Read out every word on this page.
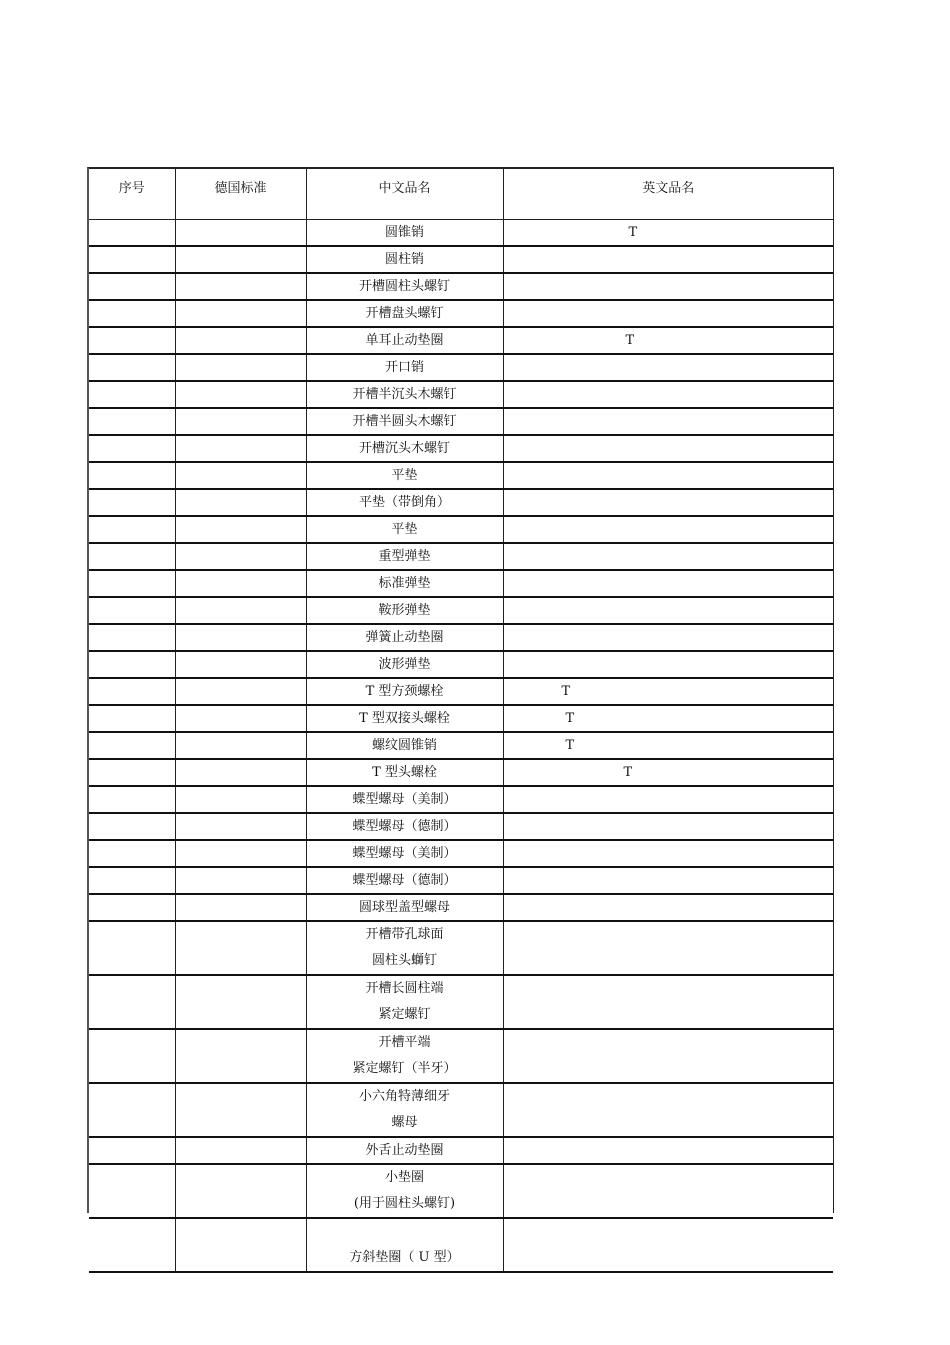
序号	德国标准	中文品名	英文品名

		圆锥销	T

		圆柱销	

		开槽圆柱头螺钉	

		开槽盘头螺钉	

		单耳止动垫圈	T

		开口销	

		开槽半沉头木螺钉	

		开槽半圆头木螺钉	

		开槽沉头木螺钉	

		平垫	

		平垫（带倒角）	

		平垫	

		重型弹垫	

		标准弹垫	

		鞍形弹垫	

		弹簧止动垫圈	

		波形弹垫	

		T 型方颈螺栓	T

		T 型双接头螺栓	T

		螺纹圆锥销	T

		T 型头螺栓	T

		蝶型螺母（美制）	

		蝶型螺母（德制）	

		蝶型螺母（美制）	

		蝶型螺母（德制）	

		圆球型盖型螺母	

		开槽带孔球面
圆柱头螄钉	

		开槽长圆柱端
紧定螺钉	

		开槽平端
紧定螺钉（半牙）	

		小六角特薄细牙
螺母	

		外舌止动垫圈	

		小垫圈
(用于圆柱头螺钉)	

		方斜垫圈（ U 型）	
